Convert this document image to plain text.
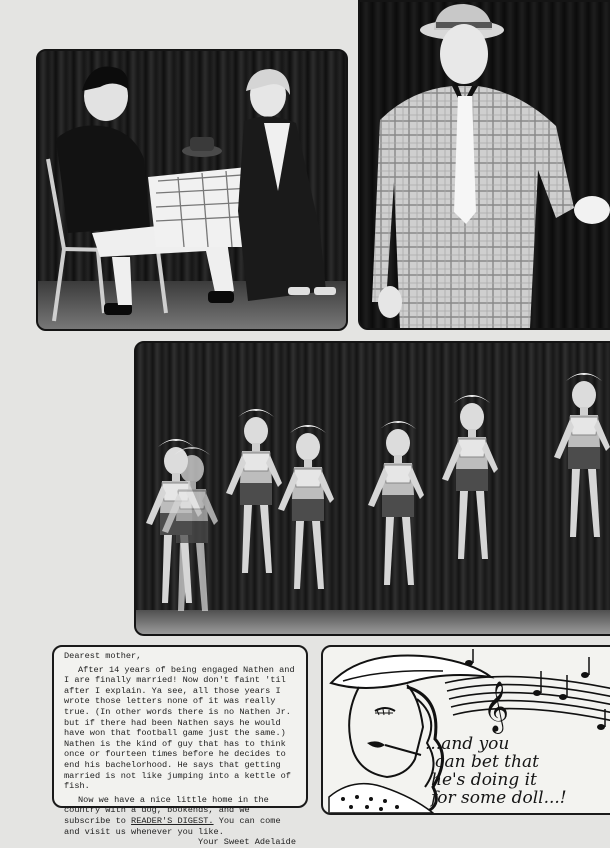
Dearest mother,

After 14 years of being engaged Nathen and I are finally married! Now don't faint 'til after I explain. Ya see, all those years I wrote those letters none of it was really true. (In other words there is no Nathen Jr. but if there had been Nathen says he would have won that football game just the same.) Nathen is the kind of guy that has to think once or fourteen times before he decides to end his bachelorhood. He says that getting married is not like jumping into a kettle of fish.

Now we have a nice little home in the country with a dog, bookends, and we subscribe to READER'S DIGEST. You can come and visit us whenever you like.

Your Sweet Adelaide

𝄞
...and you
can bet that
he's doing it
for some doll...!
